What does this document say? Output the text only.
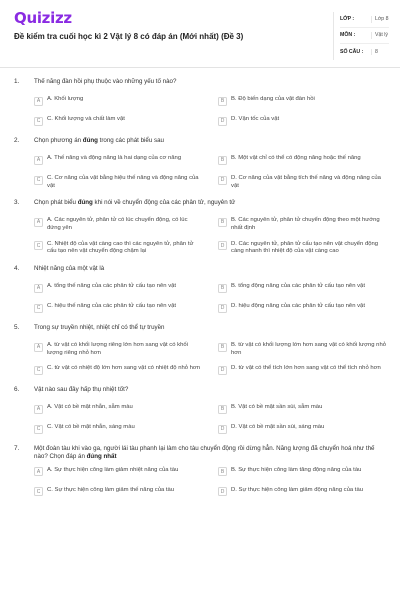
Quizizz
Đề kiểm tra cuối học kì 2 Vật lý 8 có đáp án (Mới nhất) (Đề 3)
LỚP :	Lớp 8
MÔN :	Vật lý
SỐ CÂU :	8
1.	Thế năng đàn hồi phụ thuộc vào những yếu tố nào?
A	A. Khối lượng	B	B. Độ biến dạng của vật đàn hồi
C	C. Khối lượng và chất làm vật	D	D. Vận tốc của vật
2.	Chọn phương án đúng trong các phát biểu sau
A	A. Thế năng và động năng là hai dạng của cơ năng	B	B. Một vật chỉ có thể có động năng hoặc thế năng
C	C. Cơ năng của vật bằng hiệu thế năng và động năng của vật
D	D. Cơ năng của vật bằng tích thế năng và động năng của vật
3.	Chọn phát biểu đúng khi nói về chuyển động của các phân tử, nguyên tử
A	A. Các nguyên tử, phân tử có lúc chuyển động, có lúc đứng yên
B	B. Các nguyên tử, phân tử chuyển động theo một hướng nhất định
C	C. Nhiệt độ của vật càng cao thì các nguyên tử, phân tử cấu tạo nên vật chuyển động chậm lại
D	D. Các nguyên tử, phân tử cấu tạo nên vật chuyển động càng nhanh thì nhiệt độ của vật càng cao
4.	Nhiệt năng của một vật là
A	A. tổng thế năng của các phân tử cấu tạo nên vật	B	B. tổng động năng của các phân tử cấu tạo nên vật
C	C. hiệu thế năng của các phân tử cấu tạo nên vật	D	D. hiệu động năng của các phân tử cấu tạo nên vật
5.	Trong sự truyền nhiệt, nhiệt chỉ có thể tự truyền
A	A. từ vật có khối lượng riêng lớn hơn sang vật có khối lượng riêng nhỏ hơn
B	B. từ vật có khối lượng lớn hơn sang vật có khối lượng nhỏ hơn
C	C. từ vật có nhiệt độ lớn hơn sang vật có nhiệt độ nhỏ hơn	D	D. từ vật có thể tích lớn hơn sang vật có thể tích nhỏ hơn
6.	Vật nào sau đây hấp thụ nhiệt tốt?
A	A. Vật có bề mặt nhẵn, sẫm màu	B	B. Vật có bề mặt sần sùi, sẫm màu
C	C. Vật có bề mặt nhẵn, sáng màu	D	D. Vật có bề mặt sần sùi, sáng màu
7.	Một đoàn tàu khi vào ga, người lái tàu phanh lại làm cho tàu chuyển động rồi dừng hẳn. Năng lượng đã chuyển hoá như thế nào? Chọn đáp án đúng nhất
A	A. Sự thực hiện công làm giảm nhiệt năng của tàu	B	B. Sự thực hiện công làm tăng động năng của tàu
C	C. Sự thực hiện công làm giảm thế năng của tàu	D	D. Sự thực hiện công làm giảm động năng của tàu
